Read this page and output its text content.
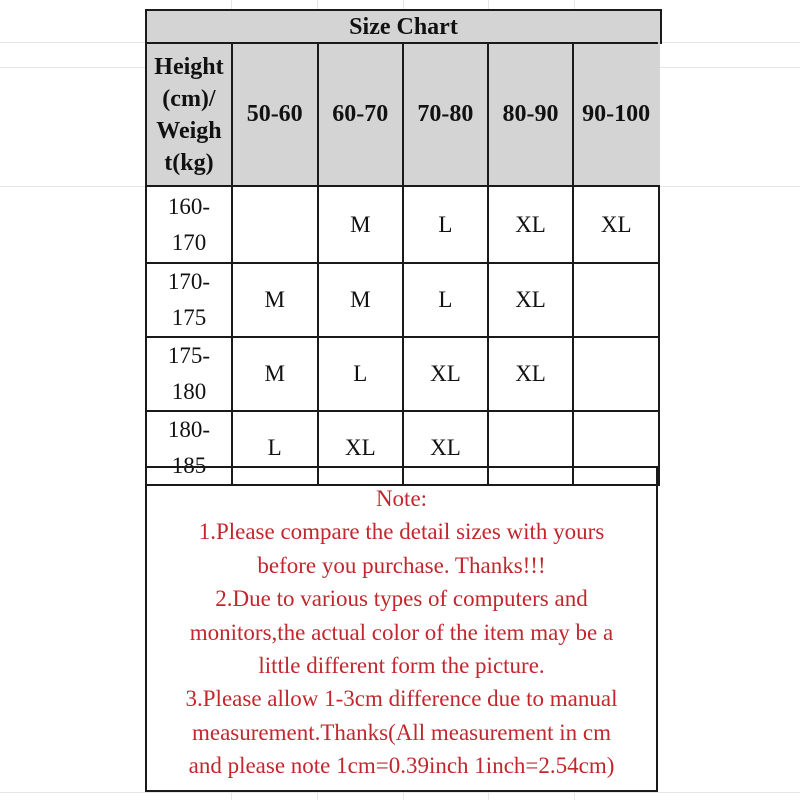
Size Chart
Height
(cm)/
Weigh
t(kg)	50-60	60-70	70-80	80-90	90-100

160-
170		M	L	XL	XL

170-
175	M	M	L	XL	

175-
180	M	L	XL	XL	

180-
185	L	XL	XL		
Note:
1.Please compare the detail sizes with yours
before you purchase. Thanks!!!
2.Due to various types of computers and
monitors,the actual color of the item may be a
little different form the picture.
3.Please allow 1-3cm difference due to manual
measurement.Thanks(All measurement in cm
and please note 1cm=0.39inch 1inch=2.54cm)
